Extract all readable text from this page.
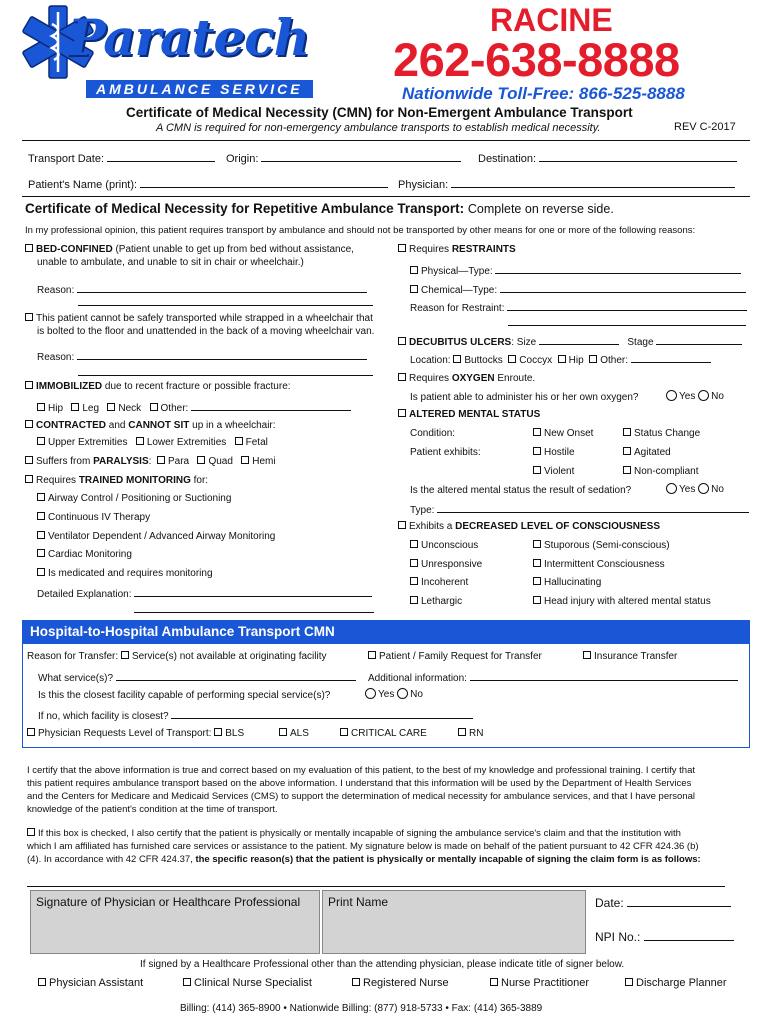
Paratech
AMBULANCE SERVICE
RACINE
262-638-8888
Nationwide Toll-Free: 866-525-8888
Certificate of Medical Necessity (CMN) for Non-Emergent Ambulance Transport
A CMN is required for non-emergency ambulance transports to establish medical necessity.	REV C-2017
Transport Date:	Origin:	Destination:
Patient's Name (print):	Physician:
Certificate of Medical Necessity for Repetitive Ambulance Transport: Complete on reverse side.
In my professional opinion, this patient requires transport by ambulance and should not be transported by other means for one or more of the following reasons:
BED-CONFINED (Patient unable to get up from bed without assistance,
unable to ambulate, and unable to sit in chair or wheelchair.)
Reason:
This patient cannot be safely transported while strapped in a wheelchair that
is bolted to the floor and unattended in the back of a moving wheelchair van.
Reason:
IMMOBILIZED due to recent fracture or possible fracture:
Hip Leg Neck Other:
CONTRACTED and CANNOT SIT up in a wheelchair:
Upper Extremities Lower Extremities Fetal
Suffers from PARALYSIS:  Para Quad Hemi
Requires TRAINED MONITORING for:
Airway Control / Positioning or Suctioning
Continuous IV Therapy
Ventilator Dependent / Advanced Airway Monitoring
Cardiac Monitoring
Is medicated and requires monitoring
Detailed Explanation:
Requires RESTRAINTS
Physical—Type:
Chemical—Type:
Reason for Restraint:
DECUBITUS ULCERS: Size	Stage
Location: Buttocks Coccyx Hip Other:
Requires OXYGEN Enroute.
Is patient able to administer his or her own oxygen?	Yes No
ALTERED MENTAL STATUS
Condition:	New Onset	Status Change
Patient exhibits:	Hostile	Agitated
Violent	Non-compliant
Is the altered mental status the result of sedation?	Yes No
Type:
Exhibits a DECREASED LEVEL OF CONSCIOUSNESS
Unconscious	Stuporous (Semi-conscious)
Unresponsive	Intermittent Consciousness
Incoherent	Hallucinating
Lethargic	Head injury with altered mental status
Hospital-to-Hospital Ambulance Transport CMN
Reason for Transfer: Service(s) not available at originating facility	Patient / Family Request for Transfer	Insurance Transfer
What service(s)?	Additional information:
Is this the closest facility capable of performing special service(s)?	Yes No
If no, which facility is closest?
Physician Requests Level of Transport: BLS	ALS	CRITICAL CARE	RN
I certify that the above information is true and correct based on my evaluation of this patient, to the best of my knowledge and professional training. I certify that
this patient requires ambulance transport based on the above information. I understand that this information will be used by the Department of Health Services
and the Centers for Medicare and Medicaid Services (CMS) to support the determination of medical necessity for ambulance services, and that I have personal
knowledge of the patient's condition at the time of transport.
If this box is checked, I also certify that the patient is physically or mentally incapable of signing the ambulance service's claim and that the institution with
which I am affiliated has furnished care services or assistance to the patient. My signature below is made on behalf of the patient pursuant to 42 CFR 424.36 (b)
(4). In accordance with 42 CFR 424.37, the specific reason(s) that the patient is physically or mentally incapable of signing the claim form is as follows:
Signature of Physician or Healthcare Professional Print Name	Date:
NPI No.:
If signed by a Healthcare Professional other than the attending physician, please indicate title of signer below.
Physician Assistant	Clinical Nurse Specialist	Registered Nurse	Nurse Practitioner	Discharge Planner
Billing: (414) 365-8900 • Nationwide Billing: (877) 918-5733 • Fax: (414) 365-3889
